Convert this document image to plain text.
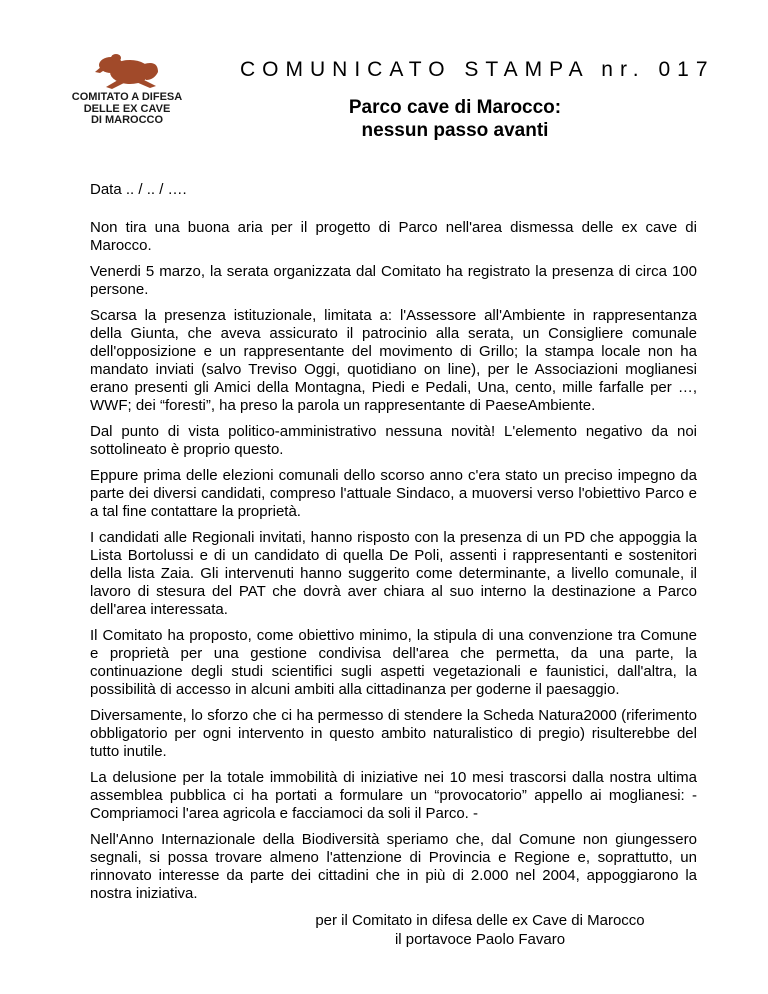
COMITATO A DIFESA
DELLE EX CAVE
DI MAROCCO
COMUNICATO STAMPA nr. 017
Parco cave di Marocco:
nessun passo avanti
Data .. / .. / ….

Non tira una buona aria per il progetto di Parco nell'area dismessa delle ex cave di Marocco.

Venerdi 5 marzo, la serata organizzata dal Comitato ha registrato la presenza di circa 100 persone.

Scarsa la presenza istituzionale, limitata a: l'Assessore all'Ambiente in rappresentanza della Giunta, che aveva assicurato il patrocinio alla serata, un Consigliere comunale dell'opposizione e un rappresentante del movimento di Grillo; la stampa locale non ha mandato inviati (salvo Treviso Oggi, quotidiano on line), per le Associazioni moglianesi erano presenti gli Amici della Montagna, Piedi e Pedali, Una, cento, mille farfalle per …, WWF; dei “foresti”, ha preso la parola un rappresentante di PaeseAmbiente.

Dal punto di vista politico-amministrativo nessuna novità! L'elemento negativo da noi sottolineato è proprio questo.

Eppure prima delle elezioni comunali dello scorso anno c'era stato un preciso impegno da parte dei diversi candidati, compreso l'attuale Sindaco, a muoversi verso l'obiettivo Parco e a tal fine contattare la proprietà.

I candidati alle Regionali invitati, hanno risposto con la presenza di un PD che appoggia la Lista Bortolussi e di un candidato di quella De Poli, assenti i rappresentanti e sostenitori della lista Zaia. Gli intervenuti hanno suggerito come determinante, a livello comunale, il lavoro di stesura del PAT che dovrà aver chiara al suo interno la destinazione a Parco dell'area interessata.

Il Comitato ha proposto, come obiettivo minimo, la stipula di una convenzione tra Comune e proprietà per una gestione condivisa dell'area che permetta, da una parte, la continuazione degli studi scientifici sugli aspetti vegetazionali e faunistici, dall'altra, la possibilità di accesso in alcuni ambiti alla cittadinanza per goderne il paesaggio.

Diversamente, lo sforzo che ci ha permesso di stendere la Scheda Natura2000 (riferimento obbligatorio per ogni intervento in questo ambito naturalistico di pregio) risulterebbe del tutto inutile.

La delusione per la totale immobilità di iniziative nei 10 mesi trascorsi dalla nostra ultima assemblea pubblica ci ha portati a formulare un “provocatorio” appello ai moglianesi: - Compriamoci l'area agricola e facciamoci da soli il Parco. -

Nell'Anno Internazionale della Biodiversità speriamo che, dal Comune non giungessero segnali, si possa trovare almeno l'attenzione di Provincia e Regione e, soprattutto, un rinnovato interesse da parte dei cittadini che in più di 2.000 nel 2004, appoggiarono la nostra iniziativa.

per il Comitato in difesa delle ex Cave di Marocco
il portavoce Paolo Favaro
